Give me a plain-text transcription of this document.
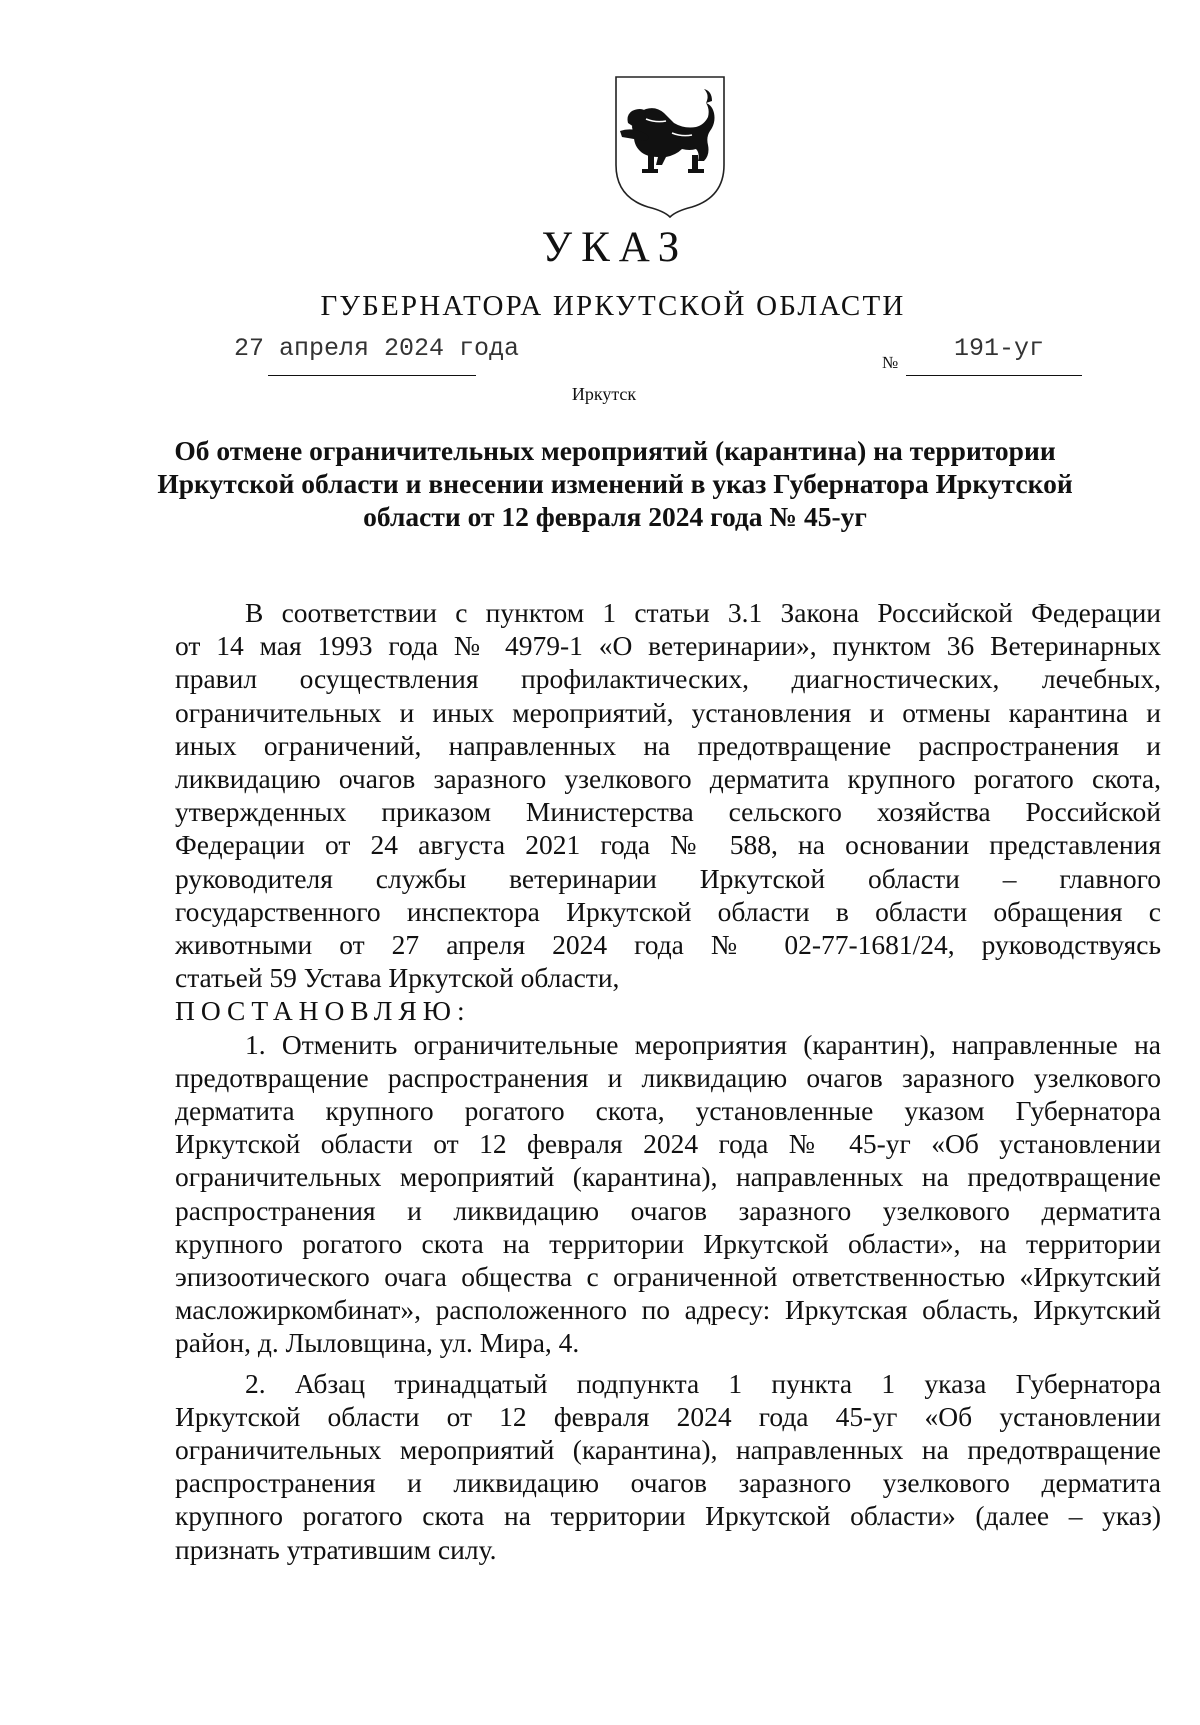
УКАЗ
ГУБЕРНАТОРА ИРКУТСКОЙ ОБЛАСТИ
27 апреля 2024 года	№ 191-уг
Иркутск
Об отмене ограничительных мероприятий (карантина) на территории
Иркутской области и внесении изменений в указ Губернатора Иркутской
области от 12 февраля 2024 года № 45-уг
В соответствии с пунктом 1 статьи 3.1 Закона Российской Федерации
от 14 мая 1993 года № 4979-1 «О ветеринарии», пунктом 36 Ветеринарных
правил осуществления профилактических, диагностических, лечебных,
ограничительных и иных мероприятий, установления и отмены карантина и
иных ограничений, направленных на предотвращение распространения и
ликвидацию очагов заразного узелкового дерматита крупного рогатого скота,
утвержденных приказом Министерства сельского хозяйства Российской
Федерации от 24 августа 2021 года № 588, на основании представления
руководителя службы ветеринарии Иркутской области – главного
государственного инспектора Иркутской области в области обращения с
животными от 27 апреля 2024 года № 02-77-1681/24, руководствуясь
статьей 59 Устава Иркутской области,
ПОСТАНОВЛЯЮ:
1. Отменить ограничительные мероприятия (карантин), направленные на
предотвращение распространения и ликвидацию очагов заразного узелкового
дерматита крупного рогатого скота, установленные указом Губернатора
Иркутской области от 12 февраля 2024 года № 45-уг «Об установлении
ограничительных мероприятий (карантина), направленных на предотвращение
распространения и ликвидацию очагов заразного узелкового дерматита
крупного рогатого скота на территории Иркутской области», на территории
эпизоотического очага общества с ограниченной ответственностью «Иркутский
масложиркомбинат», расположенного по адресу: Иркутская область, Иркутский
район, д. Лыловщина, ул. Мира, 4.
2. Абзац тринадцатый подпункта 1 пункта 1 указа Губернатора
Иркутской области от 12 февраля 2024 года 45-уг «Об установлении
ограничительных мероприятий (карантина), направленных на предотвращение
распространения и ликвидацию очагов заразного узелкового дерматита
крупного рогатого скота на территории Иркутской области» (далее – указ)
признать утратившим силу.
